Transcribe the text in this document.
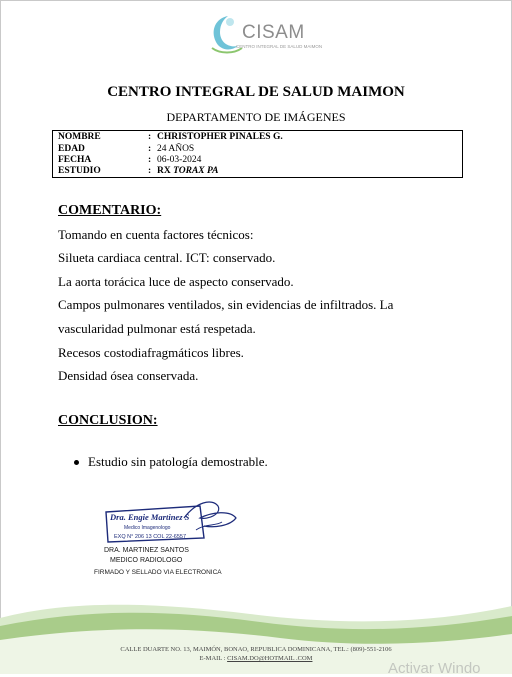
CISAM
CENTRO INTEGRAL DE SALUD MAIMON
CENTRO INTEGRAL DE SALUD MAIMON
DEPARTAMENTO DE IMÁGENES
NOMBRE	: CHRISTOPHER PINALES G.
EDAD	: 24 AÑOS
FECHA	: 06-03-2024
ESTUDIO	: RX TORAX PA
COMENTARIO:
Tomando en cuenta factores técnicos:
Silueta cardiaca central. ICT: conservado.
La aorta torácica luce de aspecto conservado.
Campos pulmonares ventilados, sin evidencias de infiltrados. La
vascularidad pulmonar está respetada.
Recesos costodiafragmáticos libres.
Densidad ósea conservada.
CONCLUSION:
Estudio sin patología demostrable.
Dra. Engie Martinez S
Medico Imagenologo
EXQ N° 206 13 COL 22-6557
DRA. MARTINEZ SANTOS
MEDICO RADIOLOGO
FIRMADO Y SELLADO VIA ELECTRONICA
CALLE DUARTE NO. 13, MAIMÓN, BONAO, REPUBLICA DOMINICANA, TEL.: (809)-551-2106
E-MAIL : CISAM.DO@HOTMAIL .COM
Activar Windo
